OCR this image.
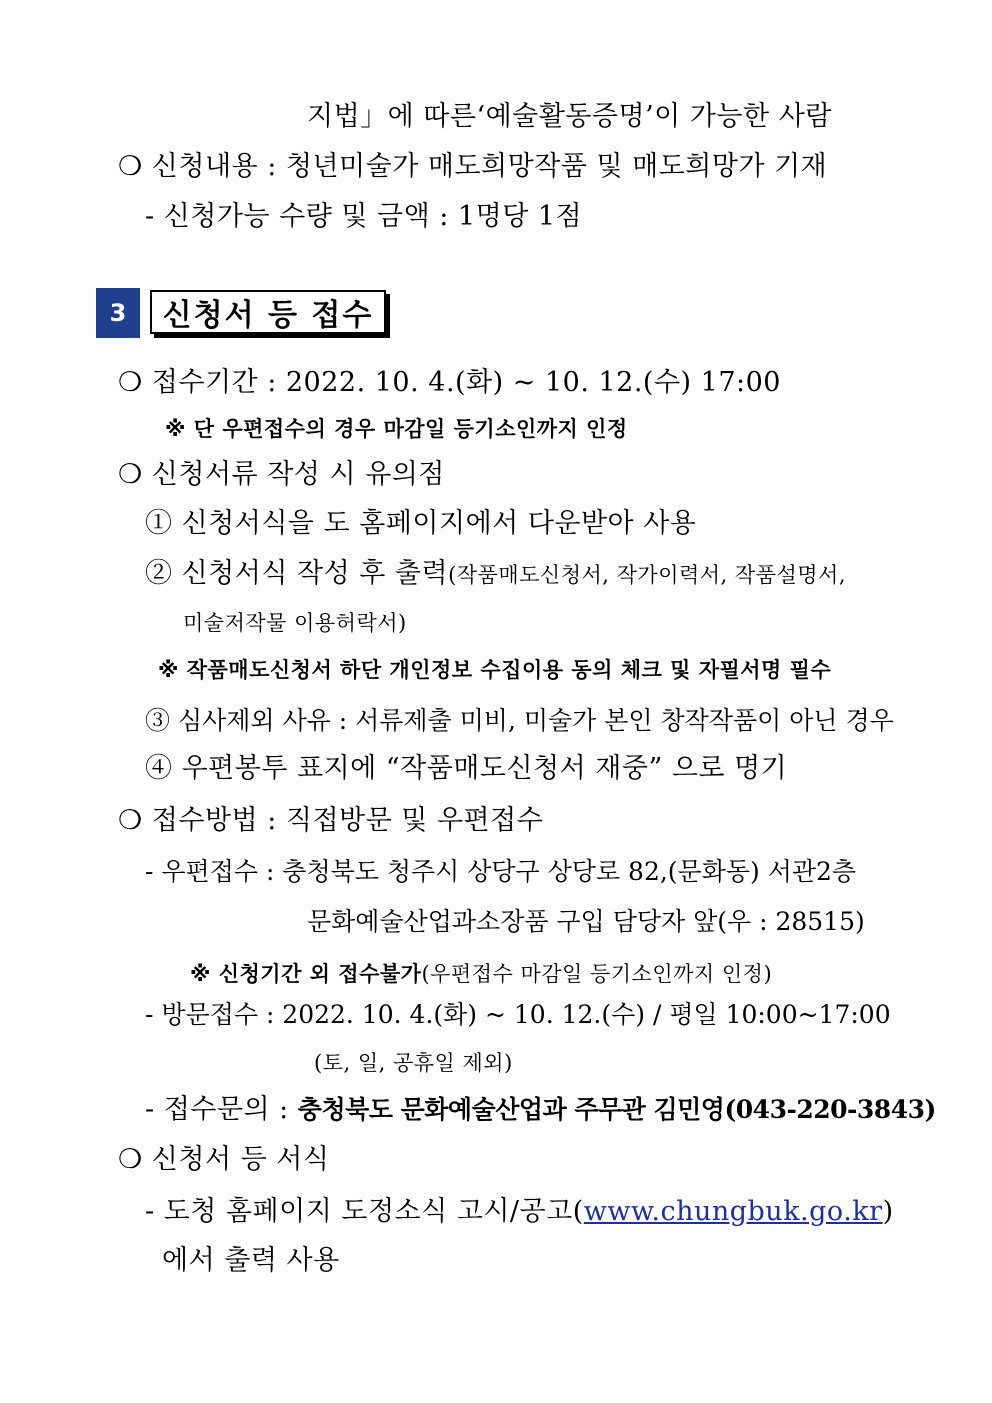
지법」에 따른‘예술활동증명’이 가능한 사람
❍ 신청내용 : 청년미술가 매도희망작품 및 매도희망가 기재
- 신청가능 수량 및 금액 : 1명당 1점
3	신청서 등 접수
❍ 접수기간 : 2022. 10. 4.(화) ~ 10. 12.(수) 17:00
※ 단 우편접수의 경우 마감일 등기소인까지 인정
❍ 신청서류 작성 시 유의점
① 신청서식을 도 홈페이지에서 다운받아 사용
② 신청서식 작성 후 출력(작품매도신청서, 작가이력서, 작품설명서,
미술저작물 이용허락서)
※ 작품매도신청서 하단 개인정보 수집이용 동의 체크 및 자필서명 필수
③ 심사제외 사유 : 서류제출 미비, 미술가 본인 창작작품이 아닌 경우
④ 우편봉투 표지에 “작품매도신청서 재중” 으로 명기
❍ 접수방법 : 직접방문 및 우편접수
- 우편접수 : 충청북도 청주시 상당구 상당로 82,(문화동) 서관2층
문화예술산업과소장품 구입 담당자 앞(우 : 28515)
※ 신청기간 외 접수불가(우편접수 마감일 등기소인까지 인정)
- 방문접수 : 2022. 10. 4.(화) ~ 10. 12.(수) / 평일 10:00~17:00
(토, 일, 공휴일 제외)
- 접수문의 : 충청북도 문화예술산업과 주무관 김민영(043-220-3843)
❍ 신청서 등 서식
- 도청 홈페이지 도정소식 고시/공고(www.chungbuk.go.kr)
에서 출력 사용
